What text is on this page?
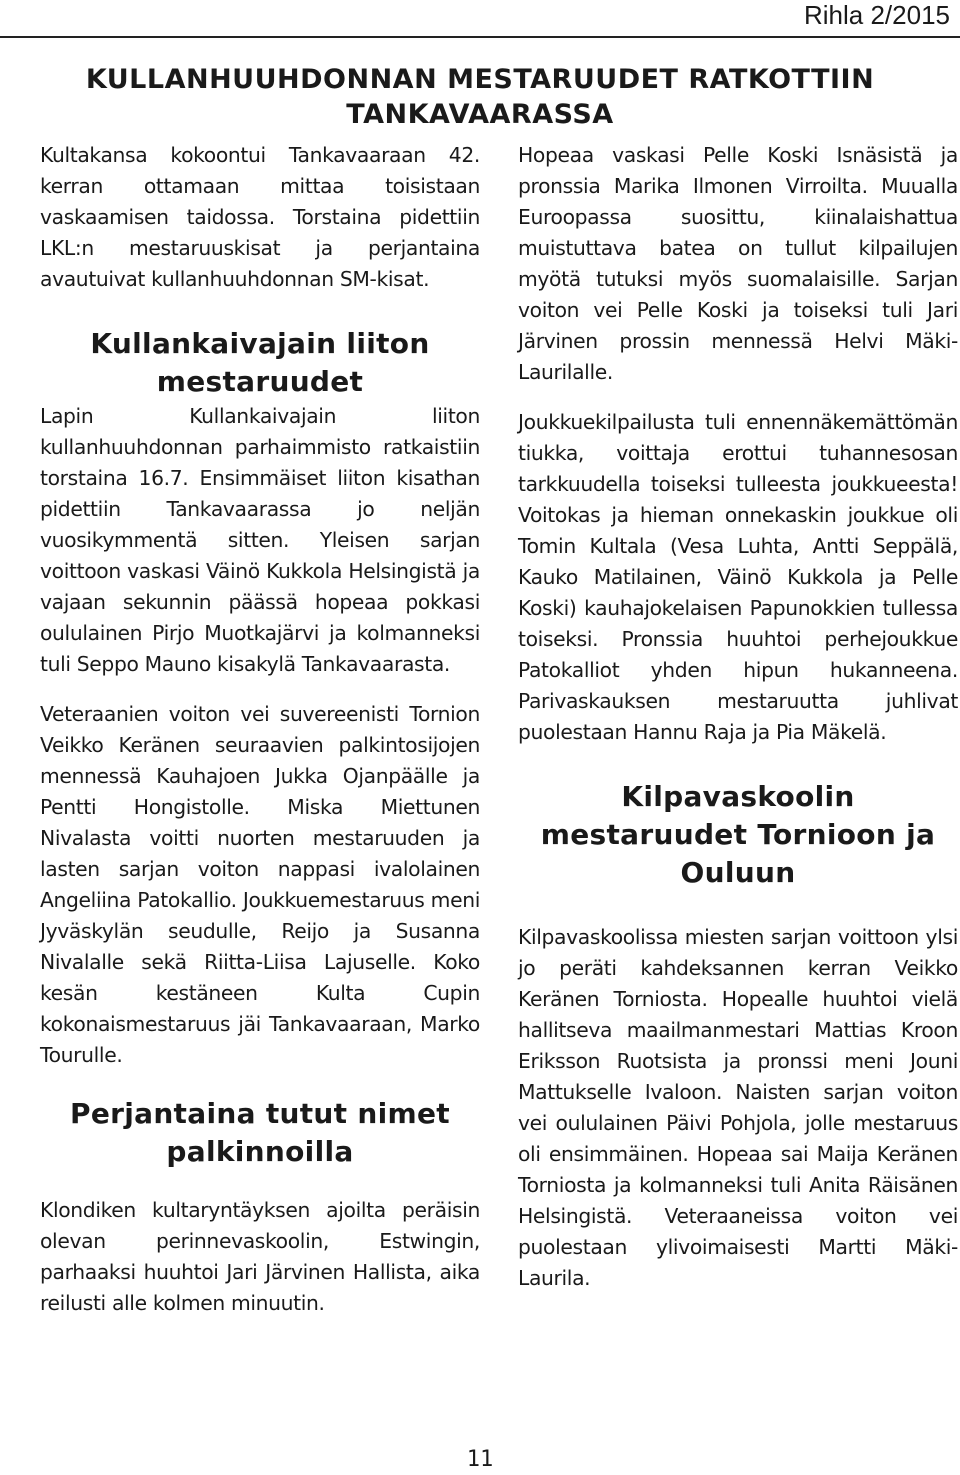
Rihla 2/2015
KULLANHUUHDONNAN MESTARUUDET RATKOTTIIN
TANKAVAARASSA

Kultakansa kokoontui Tankavaaraan 42. kerran ottamaan mittaa toisistaan vaskaamisen taidossa. Torstaina pidettiin LKL:n mestaruuskisat ja perjantaina avautuivat kullanhuuhdonnan SM-kisat.

Kullankaivajain liiton
mestaruudet

Lapin Kullankaivajain liiton kullanhuuhdonnan parhaimmisto ratkaistiin torstaina 16.7. Ensimmäiset liiton kisathan pidettiin Tankavaarassa jo neljän vuosikymmentä sitten. Yleisen sarjan voittoon vaskasi Väinö Kukkola Helsingistä ja vajaan sekunnin päässä hopeaa pokkasi oululainen Pirjo Muotkajärvi ja kolmanneksi tuli Seppo Mauno kisakylä Tankavaarasta.

Veteraanien voiton vei suvereenisti Tornion Veikko Keränen seuraavien palkintosijojen mennessä Kauhajoen Jukka Ojanpäälle ja Pentti Hongistolle. Miska Miettunen Nivalasta voitti nuorten mestaruuden ja lasten sarjan voiton nappasi ivalolainen Angeliina Patokallio. Joukkuemestaruus meni Jyväskylän seudulle, Reijo ja Susanna Nivalalle sekä Riitta-Liisa Lajuselle. Koko kesän kestäneen Kulta Cupin kokonaismestaruus jäi Tankavaaraan, Marko Tourulle.

Perjantaina tutut nimet
palkinnoilla

Klondiken kultaryntäyksen ajoilta peräisin olevan perinnevaskoolin, Estwingin, parhaaksi huuhtoi Jari Järvinen Hallista, aika reilusti alle kolmen minuutin.

Hopeaa vaskasi Pelle Koski Isnäsistä ja pronssia Marika Ilmonen Virroilta. Muualla Euroopassa suosittu, kiinalaishattua muistuttava batea on tullut kilpailujen myötä tutuksi myös suomalaisille. Sarjan voiton vei Pelle Koski ja toiseksi tuli Jari Järvinen prossin mennessä Helvi Mäki-Laurilalle.

Joukkuekilpailusta tuli ennennäkemättömän tiukka, voittaja erottui tuhannesosan tarkkuudella toiseksi tulleesta joukkueesta! Voitokas ja hieman onnekaskin joukkue oli Tomin Kultala (Vesa Luhta, Antti Seppälä, Kauko Matilainen, Väinö Kukkola ja Pelle Koski) kauhajokelaisen Papunokkien tullessa toiseksi. Pronssia huuhtoi perhejoukkue Patokalliot yhden hipun hukanneena. Parivaskauksen mestaruutta juhlivat puolestaan Hannu Raja ja Pia Mäkelä.

Kilpavaskoolin
mestaruudet Tornioon ja
Ouluun

Kilpavaskoolissa miesten sarjan voittoon ylsi jo peräti kahdeksannen kerran Veikko Keränen Torniosta. Hopealle huuhtoi vielä hallitseva maailmanmestari Mattias Kroon Eriksson Ruotsista ja pronssi meni Jouni Mattukselle Ivaloon. Naisten sarjan voiton vei oululainen Päivi Pohjola, jolle mestaruus oli ensimmäinen. Hopeaa sai Maija Keränen Torniosta ja kolmanneksi tuli Anita Räisänen Helsingistä. Veteraaneissa voiton vei puolestaan ylivoimaisesti Martti Mäki-Laurila.

11
